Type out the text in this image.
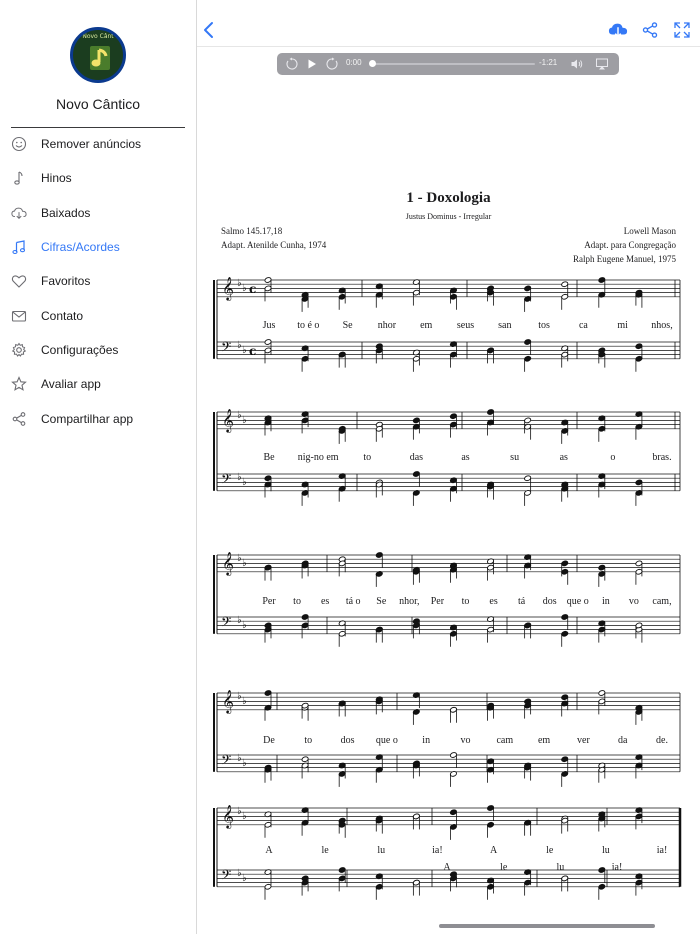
Novo Cânt
Novo Cântico
Remover anúncios
Hinos
Baixados
Cifras/Acordes
Favoritos
Contato
Configurações
Avaliar app
Compartilhar app
0:00	-1:21
1 - Doxologia
Justus Dominus - Irregular
Salmo 145.17,18
Adapt. Atenilde Cunha, 1974
Lowell Mason
Adapt. para Congregação
Ralph Eugene Manuel, 1975
𝄞
𝄢
♭ ♭
♭ ♭
c
c
𝄞
𝄢
♭ ♭
♭ ♭
𝄞
𝄢
♭ ♭
♭ ♭
𝄞
𝄢
♭ ♭
♭ ♭
𝄞
𝄢
♭ ♭
♭ ♭
Jus to é o Se	nhor em seus san	tos	ca	mi nhos,
Be nig-no em to	das	as	su	as	o	bras.
Per to es tá o Se nhor, Per to es tá dos que o in vo cam,
De	to	dos que o in	vo	cam em	ver	da	de.
A	le	lu	ia!	A	le	lu	ia!
A	le	lu	ia!
